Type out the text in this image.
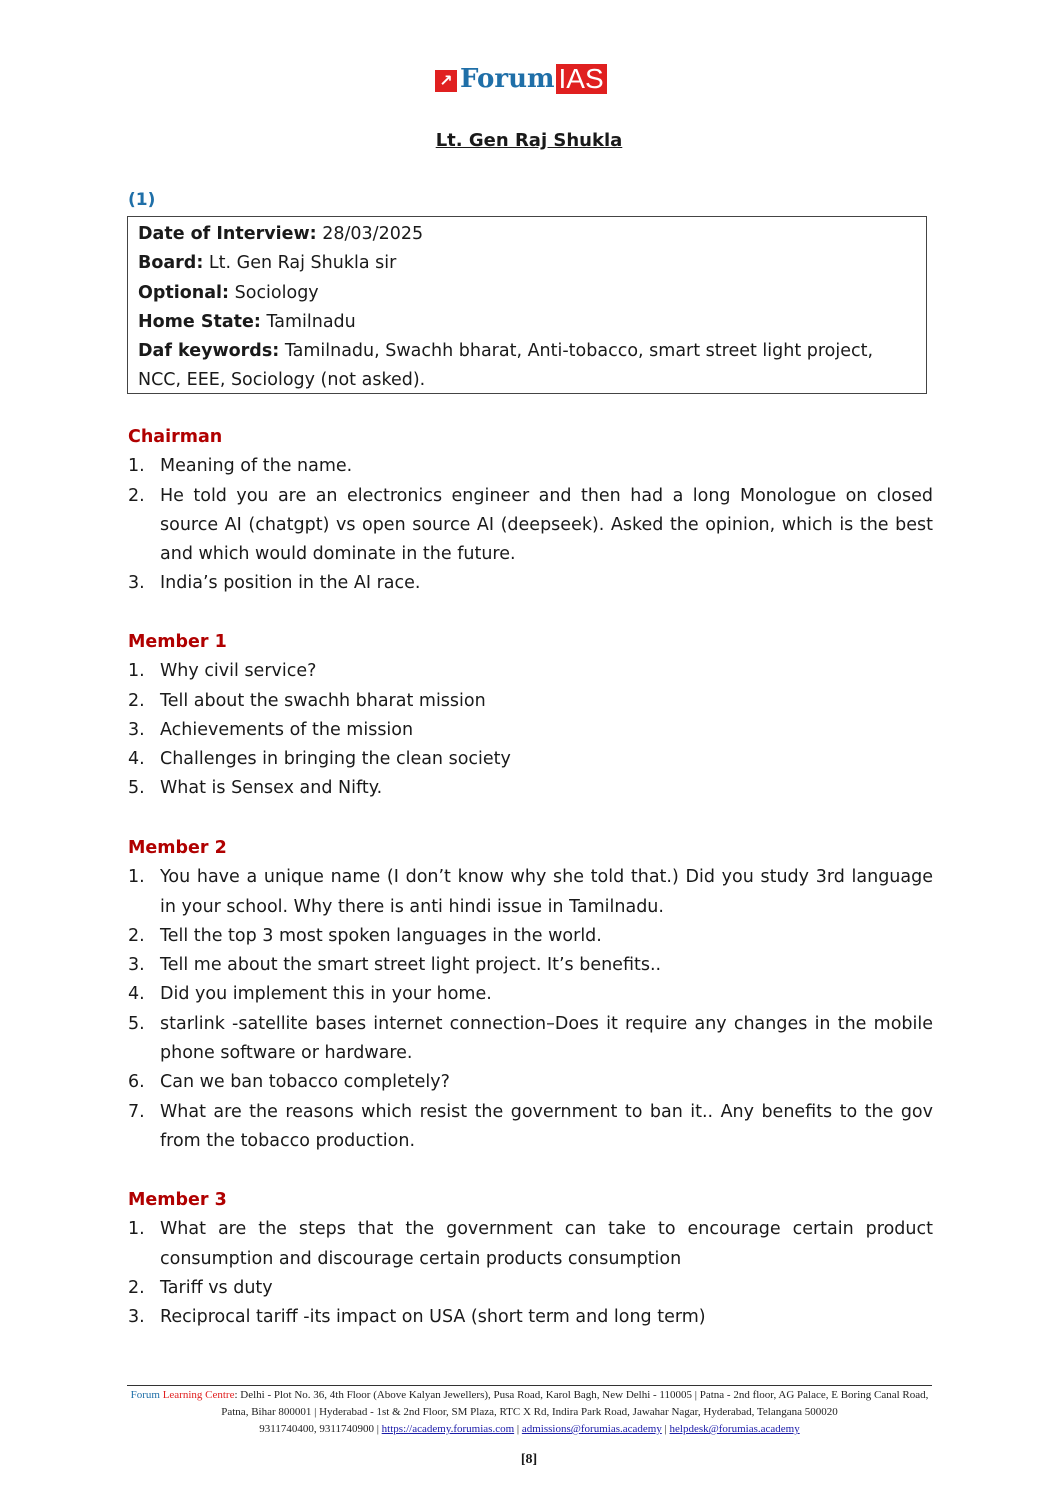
↗ Forum IAS
Lt. Gen Raj Shukla
(1)
Date of Interview: 28/03/2025
Board: Lt. Gen Raj Shukla sir
Optional: Sociology
Home State: Tamilnadu
Daf keywords: Tamilnadu, Swachh bharat, Anti-tobacco, smart street light project, NCC, EEE, Sociology (not asked).
Chairman
1. Meaning of the name.
2. He told you are an electronics engineer and then had a long Monologue on closed source AI (chatgpt) vs open source AI (deepseek). Asked the opinion, which is the best and which would dominate in the future.
3. India’s position in the AI race.
Member 1
1. Why civil service?
2. Tell about the swachh bharat mission
3. Achievements of the mission
4. Challenges in bringing the clean society
5. What is Sensex and Nifty.
Member 2
1. You have a unique name (I don’t know why she told that.) Did you study 3rd language in your school. Why there is anti hindi issue in Tamilnadu.
2. Tell the top 3 most spoken languages in the world.
3. Tell me about the smart street light project. It’s benefits..
4. Did you implement this in your home.
5. starlink -satellite bases internet connection–Does it require any changes in the mobile phone software or hardware.
6. Can we ban tobacco completely?
7. What are the reasons which resist the government to ban it.. Any benefits to the gov from the tobacco production.
Member 3
1. What are the steps that the government can take to encourage certain product consumption and discourage certain products consumption
2. Tariff vs duty
3. Reciprocal tariff -its impact on USA (short term and long term)
Forum Learning Centre: Delhi - Plot No. 36, 4th Floor (Above Kalyan Jewellers), Pusa Road, Karol Bagh, New Delhi - 110005 | Patna - 2nd floor, AG Palace, E Boring Canal Road, Patna, Bihar 800001 | Hyderabad - 1st & 2nd Floor, SM Plaza, RTC X Rd, Indira Park Road, Jawahar Nagar, Hyderabad, Telangana 500020
9311740400, 9311740900 | https://academy.forumias.com | admissions@forumias.academy | helpdesk@forumias.academy
[8]
